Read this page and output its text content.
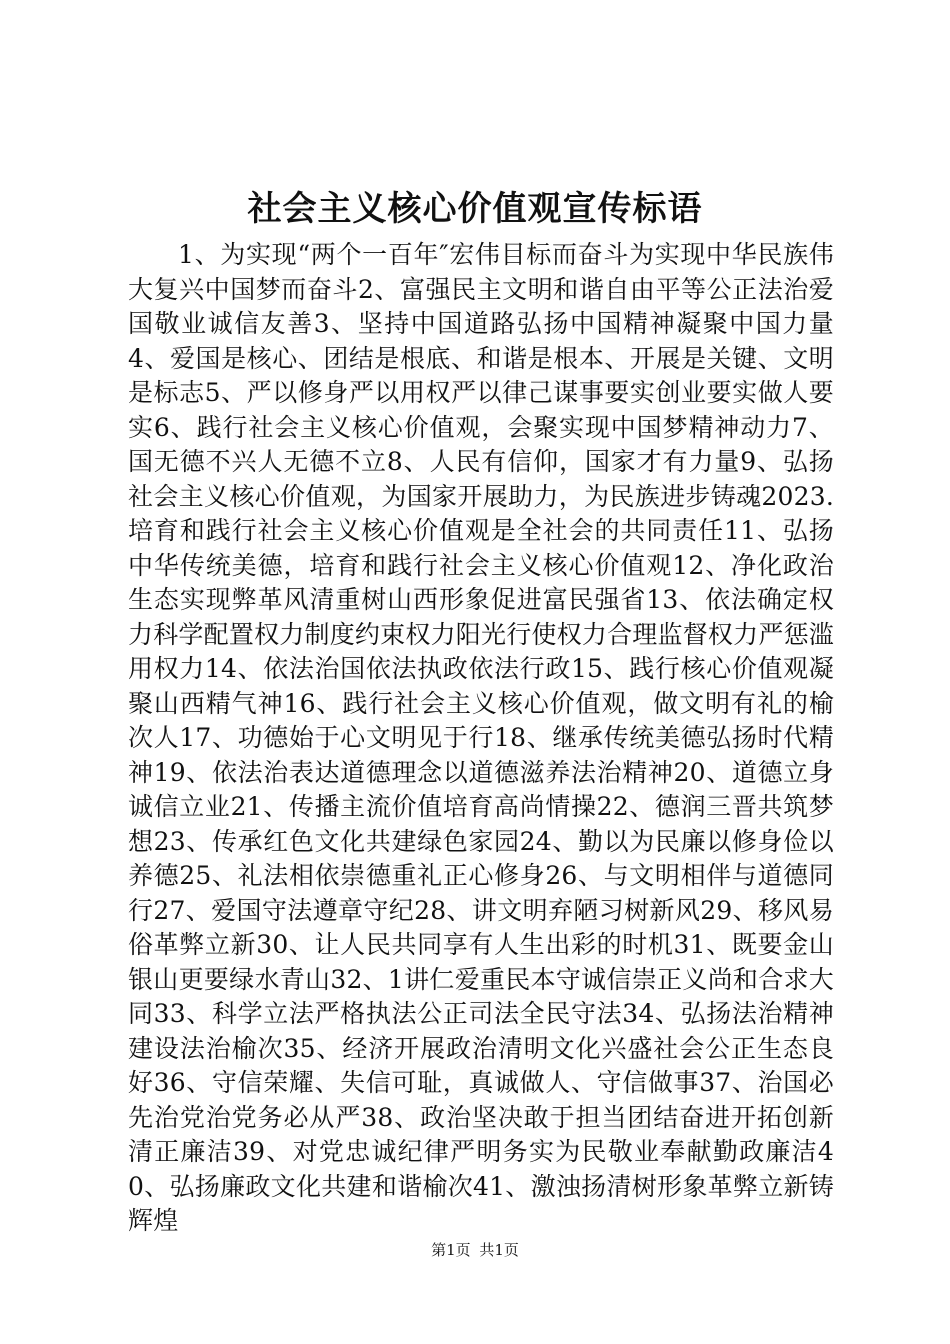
社会主义核心价值观宣传标语

1、为实现“两个一百年″宏伟目标而奋斗为实现中华民族伟大复兴中国梦而奋斗2、富强民主文明和谐自由平等公正法治爱国敬业诚信友善3、坚持中国道路弘扬中国精神凝聚中国力量4、爱国是核心、团结是根底、和谐是根本、开展是关键、文明是标志5、严以修身严以用权严以律己谋事要实创业要实做人要实6、践行社会主义核心价值观，会聚实现中国梦精神动力7、国无德不兴人无德不立8、人民有信仰，国家才有力量9、弘扬社会主义核心价值观，为国家开展助力，为民族进步铸魂2023.培育和践行社会主义核心价值观是全社会的共同责任11、弘扬中华传统美德，培育和践行社会主义核心价值观12、净化政治生态实现弊革风清重树山西形象促进富民强省13、依法确定权力科学配置权力制度约束权力阳光行使权力合理监督权力严惩滥用权力14、依法治国依法执政依法行政15、践行核心价值观凝聚山西精气神16、践行社会主义核心价值观，做文明有礼的榆次人17、功德始于心文明见于行18、继承传统美德弘扬时代精神19、依法治表达道德理念以道德滋养法治精神20、道德立身诚信立业21、传播主流价值培育高尚情操22、德润三晋共筑梦想23、传承红色文化共建绿色家园24、勤以为民廉以修身俭以养德25、礼法相依崇德重礼正心修身26、与文明相伴与道德同行27、爱国守法遵章守纪28、讲文明弃陋习树新风29、移风易俗革弊立新30、让人民共同享有人生出彩的时机31、既要金山银山更要绿水青山32、1讲仁爱重民本守诚信崇正义尚和合求大同33、科学立法严格执法公正司法全民守法34、弘扬法治精神建设法治榆次35、经济开展政治清明文化兴盛社会公正生态良好36、守信荣耀、失信可耻，真诚做人、守信做事37、治国必先治党治党务必从严38、政治坚决敢于担当团结奋进开拓创新清正廉洁39、对党忠诚纪律严明务实为民敬业奉献勤政廉洁40、弘扬廉政文化共建和谐榆次41、激浊扬清树形象革弊立新铸辉煌

第1页 共1页
